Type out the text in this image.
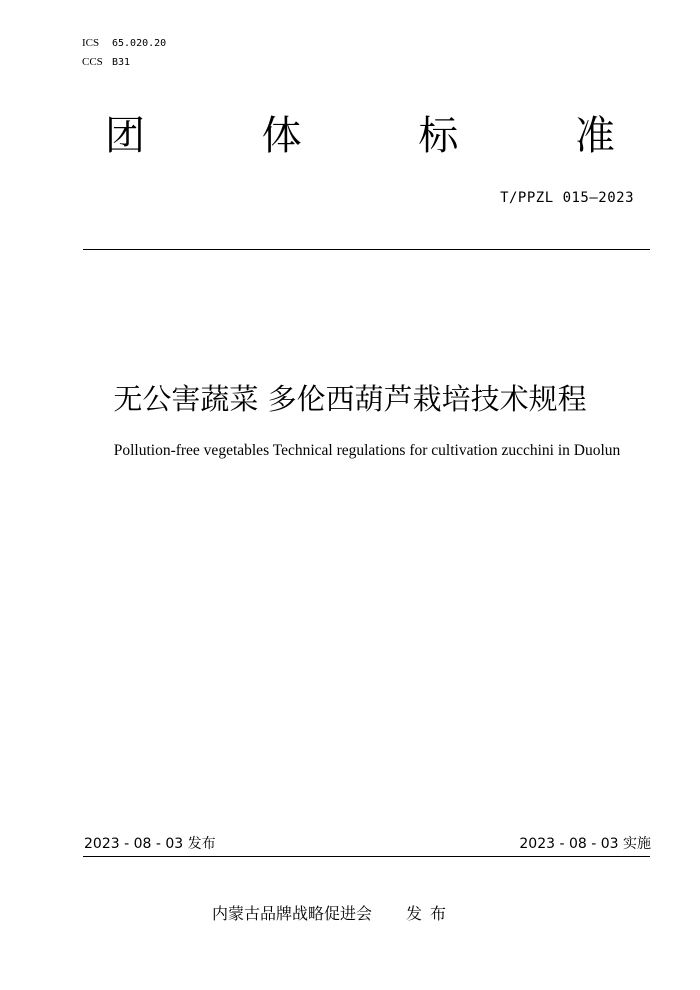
ICS 65.020.20
CCS B31
团	体	标	准
T/PPZL 015—2023
无公害蔬菜 多伦西葫芦栽培技术规程
Pollution-free vegetables Technical regulations for cultivation zucchini in Duolun
2023 - 08 - 03 发布	2023 - 08 - 03 实施
内蒙古品牌战略促进会 发布
